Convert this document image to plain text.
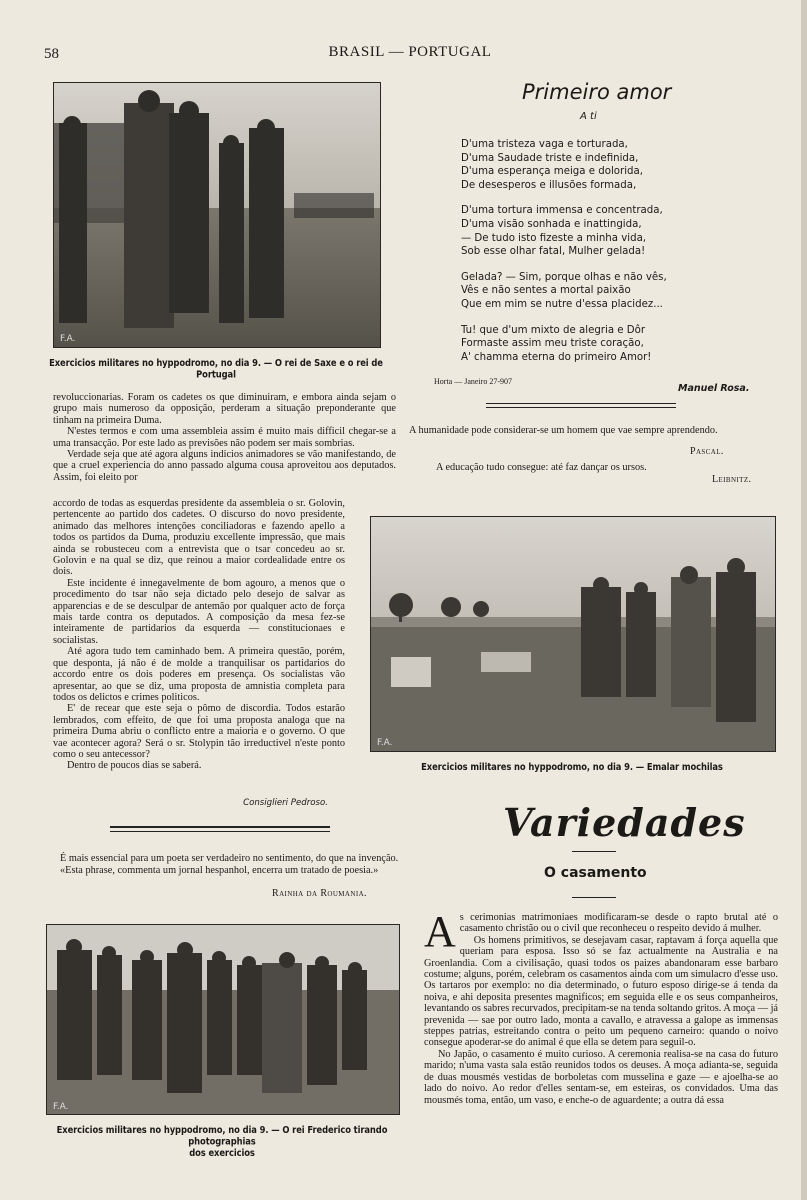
58	BRASIL — PORTUGAL
F.A.
Exercicios militares no hyppodromo, no dia 9. — O rei de Saxe e o rei de Portugal
Primeiro amor
A ti
D'uma tristeza vaga e torturada,
D'uma Saudade triste e indefinida,
D'uma esperança meiga e dolorida,
De desesperos e illusões formada,
D'uma tortura immensa e concentrada,
D'uma visão sonhada e inattingida,
— De tudo isto fizeste a minha vida,
Sob esse olhar fatal, Mulher gelada!
Gelada? — Sim, porque olhas e não vês,
Vês e não sentes a mortal paixão
Que em mim se nutre d'essa placidez...
Tu! que d'um mixto de alegria e Dôr
Formaste assim meu triste coração,
A' chamma eterna do primeiro Amor!
Horta — Janeiro 27-907
Manuel Rosa.
A humanidade pode considerar-se um homem que vae sempre aprendendo.
Pascal.
A educação tudo consegue: até faz dançar os ursos.
Leibnitz.

revoluccionarias. Foram os cadetes os que diminuiram, e embora ainda sejam o grupo mais numeroso da opposição, perderam a situação preponderante que tinham na primeira Duma.

N'estes termos e com uma assembleia assim é muito mais difficil chegar-se a uma transacção. Por este lado as previsões não podem ser mais sombrias.

Verdade seja que até agora alguns indicios animadores se vão manifestando, de que a cruel experiencia do anno passado alguma cousa aproveitou aos deputados. Assim, foi eleito por

accordo de todas as esquerdas presidente da assembleia o sr. Golovin, pertencente ao partido dos cadetes. O discurso do novo presidente, animado das melhores intenções conciliadoras e fazendo apello a todos os partidos da Duma, produziu excellente impressão, que mais ainda se robusteceu com a entrevista que o tsar concedeu ao sr. Golovin e na qual se diz, que reinou a maior cordealidade entre os dois.

Este incidente é innegavelmente de bom agouro, a menos que o procedimento do tsar não seja dictado pelo desejo de salvar as apparencias e de se desculpar de antemão por qualquer acto de força mais tarde contra os deputados. A composição da mesa fez-se inteiramente de partidarios da esquerda — constitucionaes e socialistas.

Até agora tudo tem caminhado bem. A primeira questão, porém, que desponta, já não é de molde a tranquilisar os partidarios do accordo entre os dois poderes em presença. Os socialistas vão apresentar, ao que se diz, uma proposta de amnistia completa para todos os delictos e crimes politicos.

E' de recear que este seja o pômo de discordia. Todos estarão lembrados, com effeito, de que foi uma proposta analoga que na primeira Duma abriu o conflicto entre a maioria e o governo. O que vae acontecer agora? Será o sr. Stolypin tão irreductivel n'este ponto como o seu antecessor?

Dentro de poucos dias se saberá.

Consiglieri Pedroso.
É mais essencial para um poeta ser verdadeiro no sentimento, do que na invenção. «Esta phrase, commenta um jornal hespanhol, encerra um tratado de poesia.»
Rainha da Roumania.
F.A.
Exercicios militares no hyppodromo, no dia 9. — Emalar mochilas
Variedades
O casamento

As cerimonias matrimoniaes modificaram-se desde o rapto brutal até o casamento christão ou o civil que reconheceu o respeito devido á mulher.

Os homens primitivos, se desejavam casar, raptavam á força aquella que queriam para esposa. Isso só se faz actualmente na Australia e na Groenlandia. Com a civilisação, quasi todos os paizes abandonaram esse barbaro costume; alguns, porém, celebram os casamentos ainda com um simulacro d'esse uso. Os tartaros por exemplo: no dia determinado, o futuro esposo dirige-se á tenda da noiva, e ahi deposita presentes magnificos; em seguida elle e os seus companheiros, levantando os sabres recurvados, precipitam-se na tenda soltando gritos. A moça — já prevenida — sae por outro lado, monta a cavallo, e atravessa a galope as immensas steppes patrias, estreitando contra o peito um pequeno carneiro: quando o noivo consegue apoderar-se do animal é que ella se detem para seguil-o.

No Japão, o casamento é muito curioso. A ceremonia realisa-se na casa do futuro marido; n'uma vasta sala estão reunidos todos os deuses. A moça adianta-se, seguida de duas mousmés vestidas de borboletas com musselina e gaze — e ajoelha-se ao lado do noivo. Ao redor d'elles sentam-se, em esteiras, os convidados. Uma das mousmés toma, então, um vaso, e enche-o de aguardente; a outra dá essa

F.A.
Exercicios militares no hyppodromo, no dia 9. — O rei Frederico tirando photographias
dos exercicios
